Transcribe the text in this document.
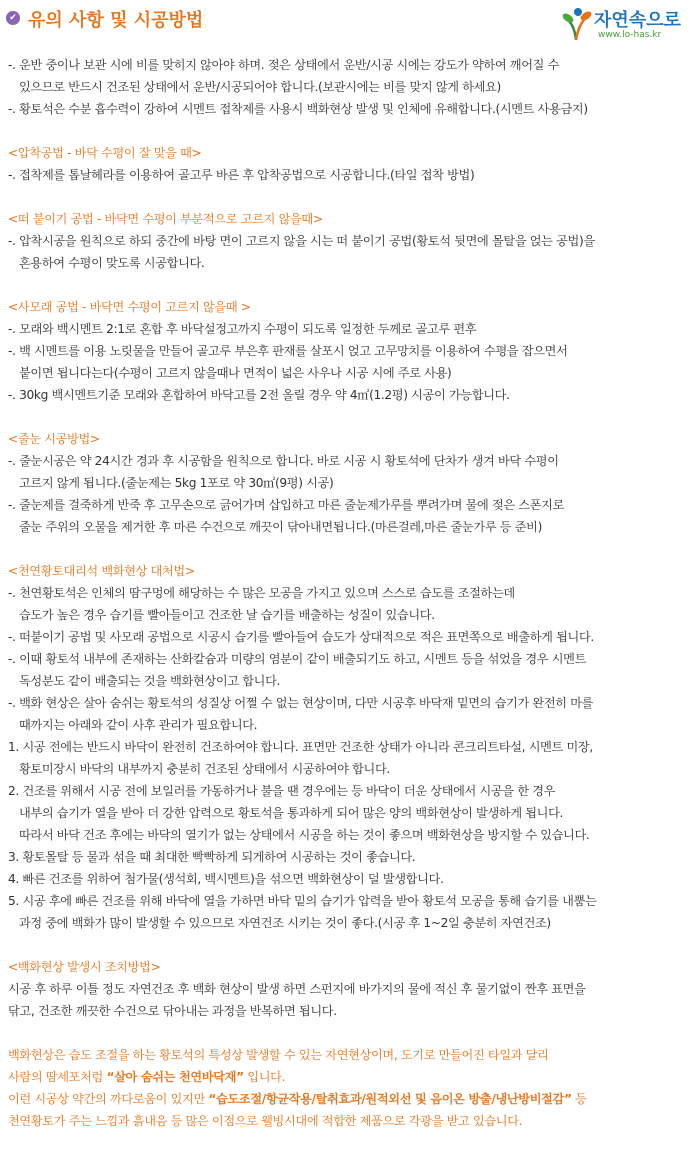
✔ 유의 사항 및 시공방법	자연속으로
www.lo-has.kr
-. 운반 중이나 보관 시에 비를 맞히지 않아야 하며. 젖은 상태에서 운반/시공 시에는 강도가 약하여 깨어질 수
있으므로 반드시 건조된 상태에서 운반/시공되어야 합니다.(보관시에는 비를 맞지 않게 하세요)
-. 황토석은 수분 흡수력이 강하여 시멘트 접착제를 사용시 백화현상 발생 및 인체에 유해합니다.(시멘트 사용금지)
<압착공법 - 바닥 수평이 잘 맞을 때>
-. 접착제를 톱날헤라를 이용하여 골고루 바른 후 압착공법으로 시공합니다.(타일 접착 방법)
<떠 붙이기 공법 - 바닥면 수평이 부분적으로 고르지 않을때>
-. 압착시공을 원칙으로 하되 중간에 바탕 면이 고르지 않을 시는 떠 붙이기 공법(황토석 뒷면에 몰탈을 얹는 공법)을
혼용하여 수평이 맞도록 시공합니다.
<사모래 공법 - 바닥면 수평이 고르지 않을때 >
-. 모래와 백시멘트 2:1로 혼합 후 바닥설정고까지 수평이 되도록 일정한 두께로 골고루 편후
-. 백 시멘트를 이용 노릿물을 만들어 골고루 부은후 판재를 살포시 얹고 고무망치를 이용하여 수평을 잡으면서
붙이면 됩니다는다(수평이 고르지 않을때나 면적이 넓은 사우나 시공 시에 주로 사용)
-. 30kg 백시멘트기준 모래와 혼합하여 바닥고를 2전 올릴 경우 약 4㎡(1.2평) 시공이 가능합니다.
<줄눈 시공방법>
-. 줄눈시공은 약 24시간 경과 후 시공함을 원칙으로 합니다. 바로 시공 시 황토석에 단차가 생겨 바닥 수평이
고르지 않게 됩니다.(줄눈제는 5kg 1포로 약 30㎡(9평) 시공)
-. 줄눈제를 걸죽하게 반죽 후 고무손으로 긁어가며 삽입하고 마른 줄눈제가루를 뿌려가며 물에 젖은 스폰지로
줄눈 주위의 오물을 제거한 후 마른 수건으로 깨끗이 닦아내면됩니다.(마른걸레,마른 줄눈가루 등 준비)
<천연황토대리석 백화현상 대처법>
-. 천연황토석은 인체의 땀구멍에 해당하는 수 많은 모공을 가지고 있으며 스스로 습도를 조절하는데
습도가 높은 경우 습기를 빨아들이고 건조한 날 습기를 배출하는 성질이 있습니다.
-. 떠붙이기 공법 및 사모래 공법으로 시공시 습기를 빨아들여 습도가 상대적으로 적은 표면쪽으로 배출하게 됩니다.
-. 이때 황토석 내부에 존재하는 산화칼슘과 미량의 염분이 같이 배출되기도 하고, 시멘트 등을 섞었을 경우 시멘트
독성분도 같이 배출되는 것을 백화현상이고 합니다.
-. 백화 현상은 살아 숨쉬는 황토석의 성질상 어쩔 수 없는 현상이며, 다만 시공후 바닥재 밑면의 습기가 완전히 마를
때까지는 아래와 같이 사후 관리가 필요합니다.
1. 시공 전에는 반드시 바닥이 완전히 건조하여야 합니다. 표면만 건조한 상태가 아니라 콘크리트타설, 시멘트 미장,
황토미장시 바닥의 내부까지 충분히 건조된 상태에서 시공하여야 합니다.
2. 건조를 위해서 시공 전에 보일러를 가동하거나 불을 땐 경우에는 등 바닥이 더운 상태에서 시공을 한 경우
내부의 습기가 열을 받아 더 강한 압력으로 황토석을 통과하게 되어 많은 양의 백화현상이 발생하게 됩니다.
따라서 바닥 건조 후에는 바닥의 열기가 없는 상태에서 시공을 하는 것이 좋으며 백화현상을 방지할 수 있습니다.
3. 황토몰탈 등 물과 섞을 때 최대한 빡빡하게 되게하여 시공하는 것이 좋습니다.
4. 빠른 건조를 위하여 첨가물(생석회, 백시멘트)을 섞으면 백화현상이 덜 발생합니다.
5. 시공 후에 빠른 건조를 위해 바닥에 열을 가하면 바닥 밑의 습기가 압력을 받아 황토석 모공을 통해 습기를 내뿜는
과정 중에 백화가 많이 발생할 수 있으므로 자연건조 시키는 것이 좋다.(시공 후 1~2일 충분히 자연건조)
<백화현상 발생시 조치방법>
시공 후 하루 이틀 정도 자연건조 후 백화 현상이 발생 하면 스펀지에 바가지의 물에 적신 후 물기없이 짠후 표면을
닦고, 건조한 깨끗한 수건으로 닦아내는 과정을 반복하면 됩니다.
백화현상은 습도 조절을 하는 황토석의 특성상 발생할 수 있는 자연현상이며, 도기로 만들어진 타일과 달리
사람의 땀세포처럼 “살아 숨쉬는 천연바닥재” 입니다.
이런 시공상 약간의 까다로움이 있지만 “습도조절/항균작용/탈취효과/원적외선 및 음이온 방출/냉난방비절감” 등
천연황토가 주는 느낌과 흙내음 등 많은 이점으로 웰빙시대에 적합한 제품으로 각광을 받고 있습니다.
